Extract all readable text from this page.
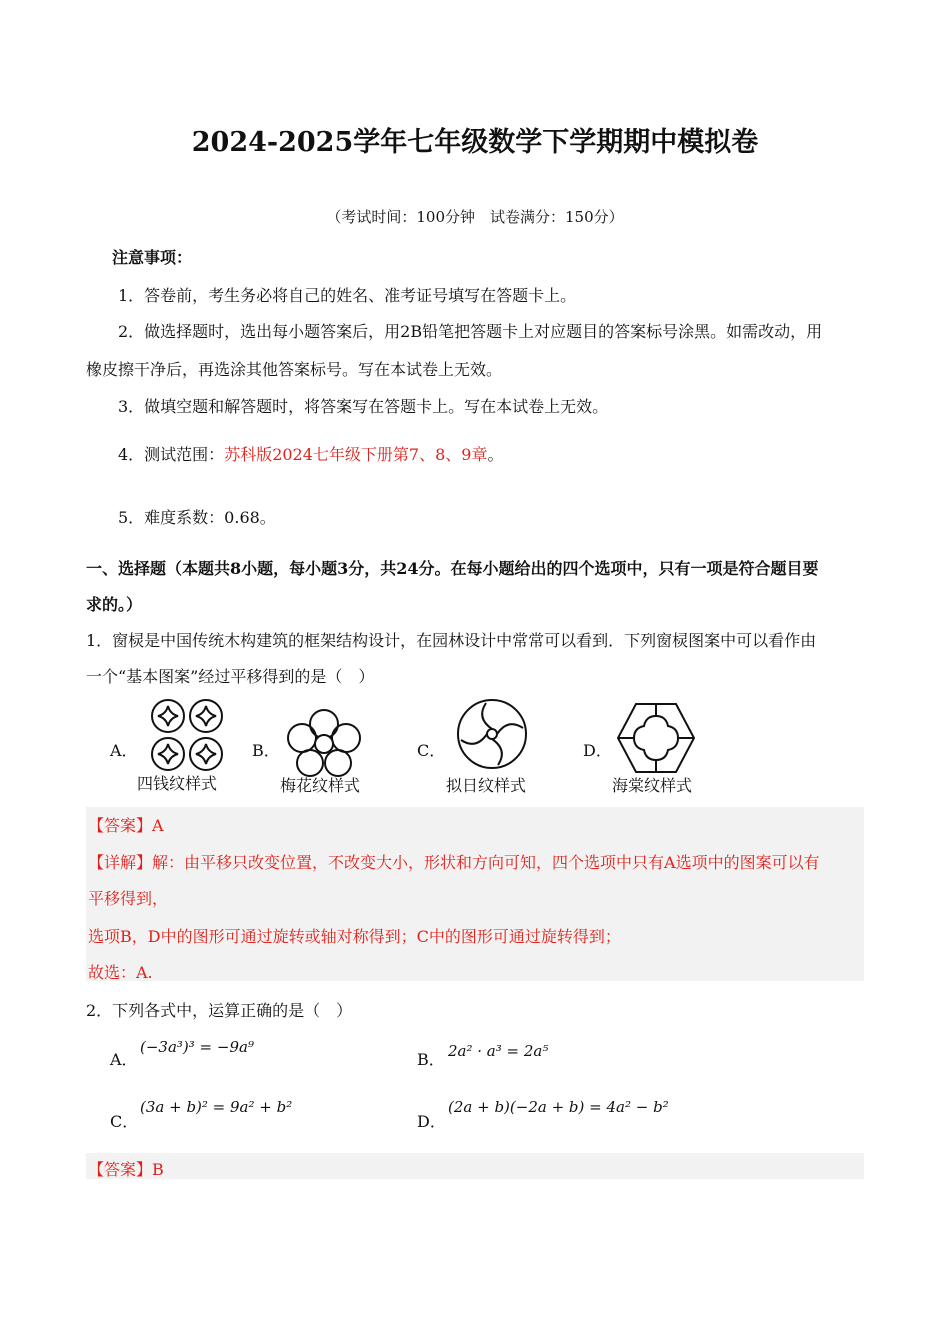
2024-2025学年七年级数学下学期期中模拟卷
（考试时间：100分钟　试卷满分：150分）
注意事项：
1．答卷前，考生务必将自己的姓名、准考证号填写在答题卡上。
2．做选择题时，选出每小题答案后，用2B铅笔把答题卡上对应题目的答案标号涂黑。如需改动，用
橡皮擦干净后，再选涂其他答案标号。写在本试卷上无效。
3．做填空题和解答题时，将答案写在答题卡上。写在本试卷上无效。
4．测试范围：苏科版2024七年级下册第7、8、9章。
5．难度系数：0.68。
一、选择题（本题共8小题，每小题3分，共24分。在每小题给出的四个选项中，只有一项是符合题目要
求的。）
1．窗棂是中国传统木构建筑的框架结构设计，在园林设计中常常可以看到．下列窗棂图案中可以看作由
一个“基本图案”经过平移得到的是（　）
A．
四钱纹样式
B．
梅花纹样式
C．
拟日纹样式
D．
海棠纹样式
【答案】A
【详解】解：由平移只改变位置，不改变大小，形状和方向可知，四个选项中只有A选项中的图案可以有
平移得到，
选项B，D中的图形可通过旋转或轴对称得到；C中的图形可通过旋转得到；
故选：A.
2．下列各式中，运算正确的是（　）
A．
(−3a³)³ = −9a⁹
B． 2a² · a³ = 2a⁵
C．
(3a + b)² = 9a² + b²
D．
(2a + b)(−2a + b) = 4a² − b²
【答案】B
